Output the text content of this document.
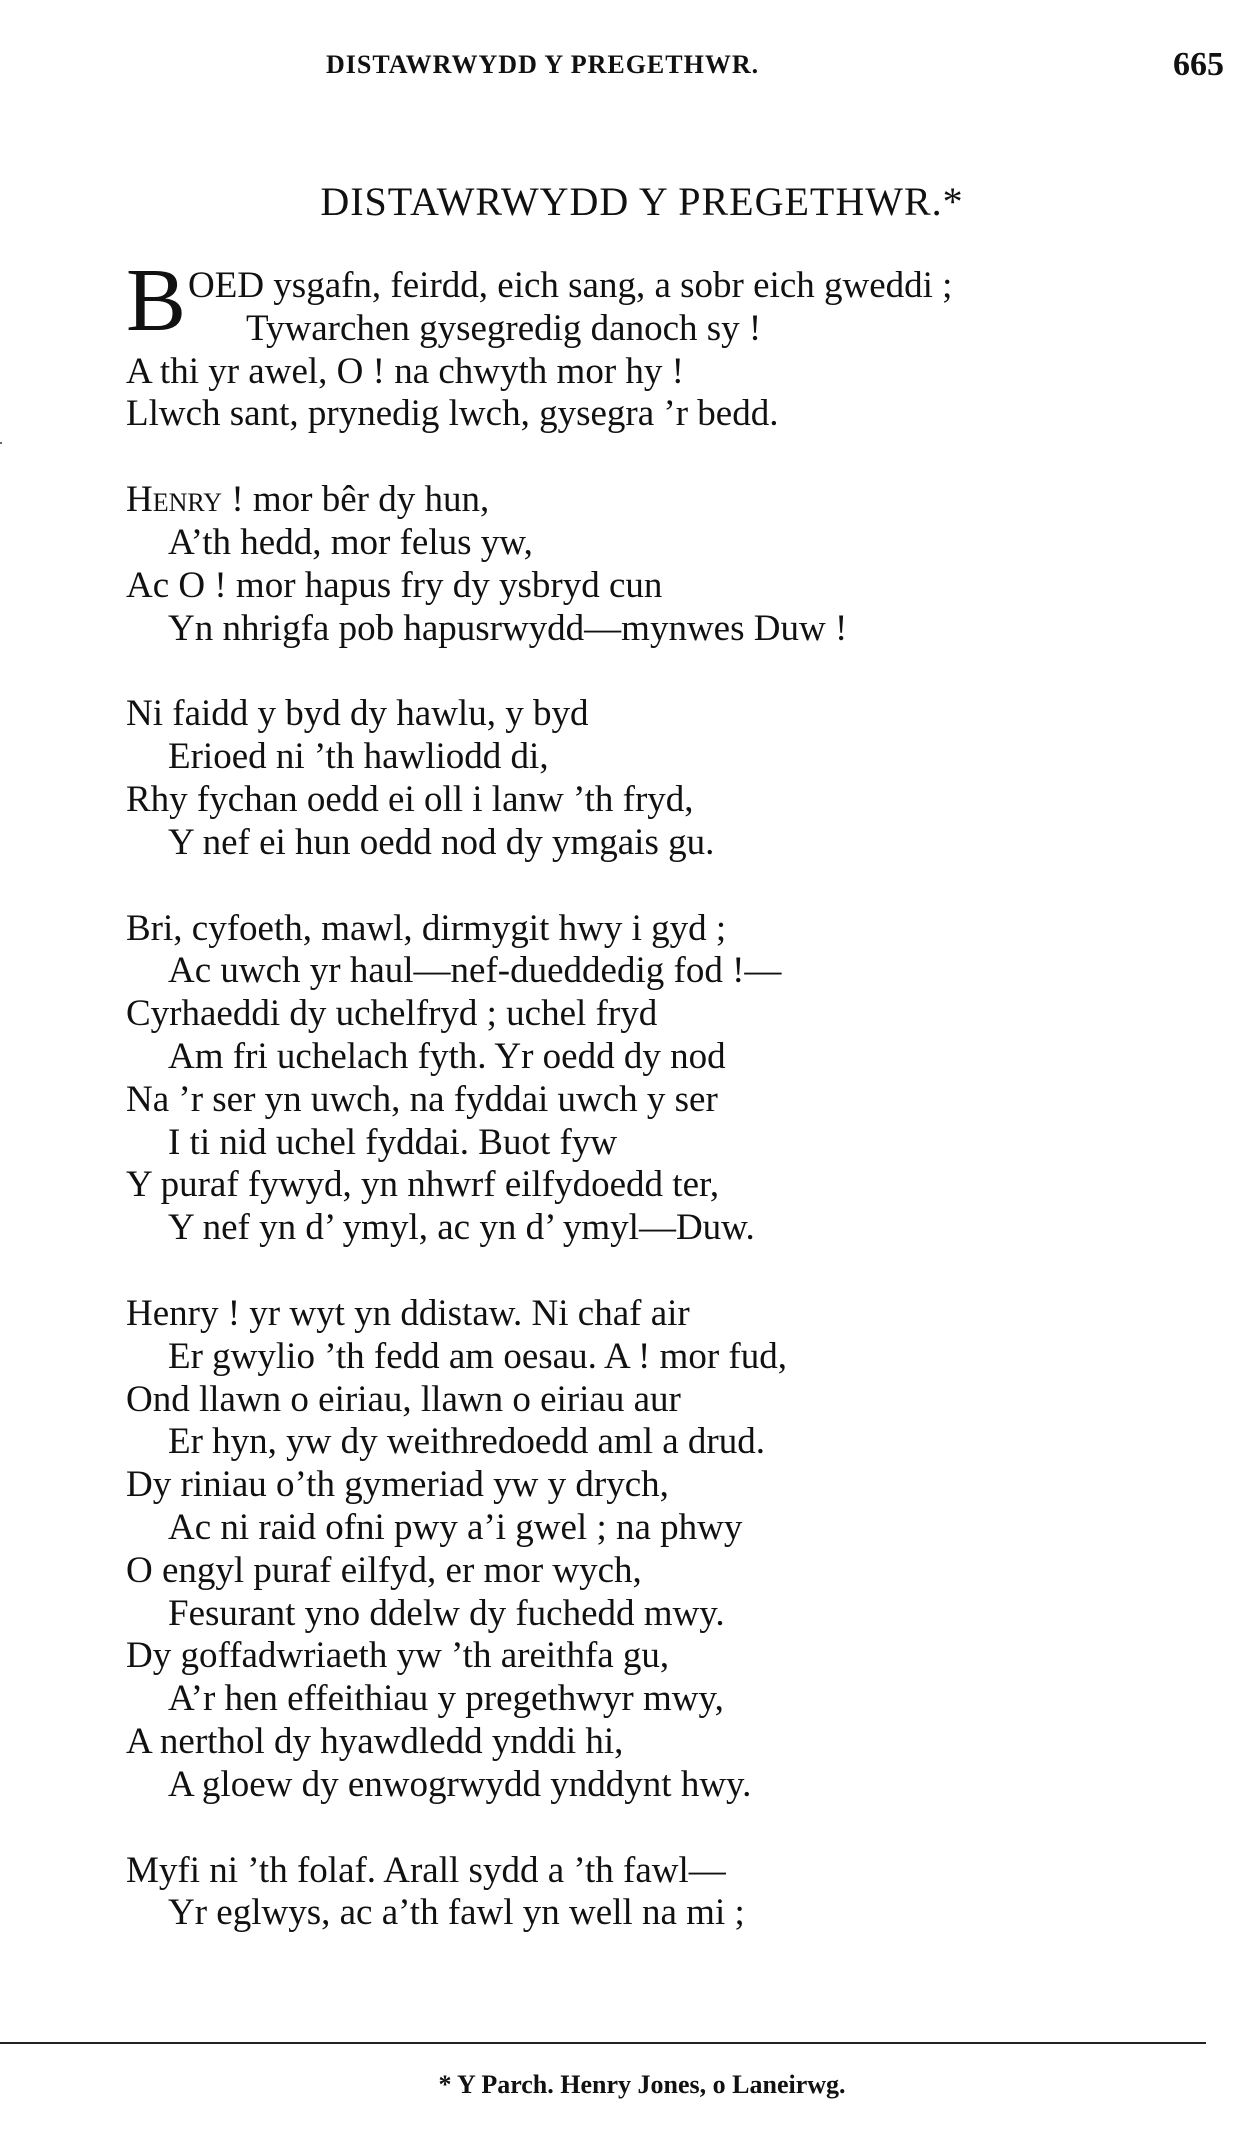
DISTAWRWYDD Y PREGETHWR.	665
DISTAWRWYDD Y PREGETHWR.*
B OED ysgafn, feirdd, eich sang, a sobr eich gweddi ;
Tywarchen gysegredig danoch sy !
A thi yr awel, O ! na chwyth mor hy !
Llwch sant, prynedig lwch, gysegra ’r bedd.
Henry ! mor bêr dy hun,
A’th hedd, mor felus yw,
Ac O ! mor hapus fry dy ysbryd cun
Yn nhrigfa pob hapusrwydd—mynwes Duw !
Ni faidd y byd dy hawlu, y byd
Erioed ni ’th hawliodd di,
Rhy fychan oedd ei oll i lanw ’th fryd,
Y nef ei hun oedd nod dy ymgais gu.
Bri, cyfoeth, mawl, dirmygit hwy i gyd ;
Ac uwch yr haul—nef-dueddedig fod !—
Cyrhaeddi dy uchelfryd ; uchel fryd
Am fri uchelach fyth. Yr oedd dy nod
Na ’r ser yn uwch, na fyddai uwch y ser
I ti nid uchel fyddai. Buot fyw
Y puraf fywyd, yn nhwrf eilfydoedd ter,
Y nef yn d’ ymyl, ac yn d’ ymyl—Duw.
Henry ! yr wyt yn ddistaw. Ni chaf air
Er gwylio ’th fedd am oesau. A ! mor fud,
Ond llawn o eiriau, llawn o eiriau aur
Er hyn, yw dy weithredoedd aml a drud.
Dy riniau o’th gymeriad yw y drych,
Ac ni raid ofni pwy a’i gwel ; na phwy
O engyl puraf eilfyd, er mor wych,
Fesurant yno ddelw dy fuchedd mwy.
Dy goffadwriaeth yw ’th areithfa gu,
A’r hen effeithiau y pregethwyr mwy,
A nerthol dy hyawdledd ynddi hi,
A gloew dy enwogrwydd ynddynt hwy.
Myfi ni ’th folaf. Arall sydd a ’th fawl—
Yr eglwys, ac a’th fawl yn well na mi ;
* Y Parch. Henry Jones, o Laneirwg.
